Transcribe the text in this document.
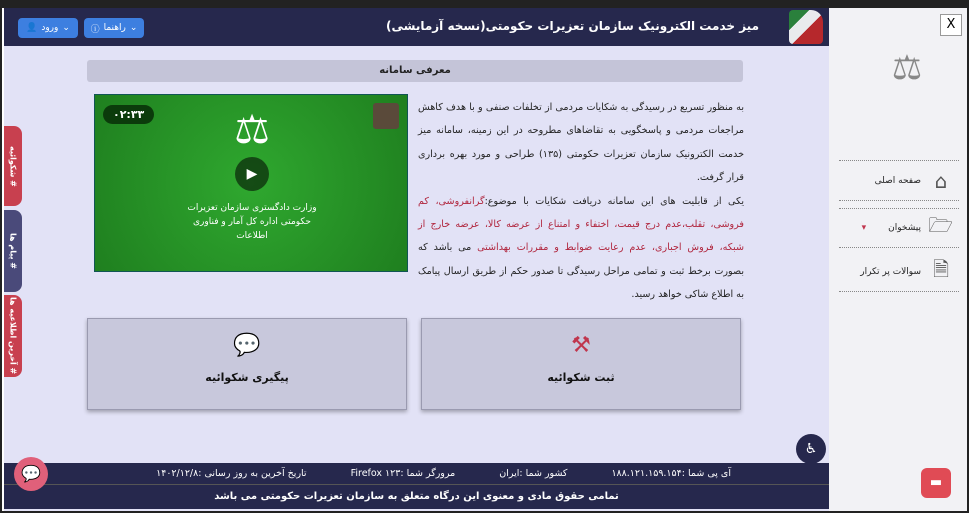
میز خدمت الکترونیک سازمان تعزیرات حکومتی(نسخه آزمایشی)
ⓘ راهنما ⌄
👤 ورود ⌄
معرفی سامانه
۰۲:۳۳ ⚖
▶
وزارت دادگستری سازمان تعزیرات حکومتی اداره کل آمار و فناوری اطلاعات

به منظور تسریع در رسیدگی به شکایات مردمی از تخلفات صنفی و با هدف کاهش مراجعات مردمی و پاسخگویی به تقاضاهای مطروحه در این زمینه، سامانه میز خدمت الکترونیک سازمان تعزیرات حکومتی (۱۳۵) طراحی و مورد بهره برداری قرار گرفت.

یکی از قابلیت های این سامانه دریافت شکایات با موضوع:گرانفروشی، کم فروشی، تقلب،عدم درج قیمت، اختفاء و امتناع از عرضه کالا، عرضه خارج از شبکه، فروش اجباری، عدم رعایت ضوابط و مقررات بهداشتی می باشد که بصورت برخط ثبت و تمامی مراحل رسیدگی تا صدور حکم از طریق ارسال پیامک به اطلاع شاکی خواهد رسید.

⚒
ثبت شکوائیه
💬
پیگیری شکوائیه
♿
آی پی شما :۱۸۸.۱۲۱.۱۵۹.۱۵۴
کشور شما :ایران
مرورگر شما :Firefox ۱۲۳
تاریخ آخرین به روز رسانی :۱۴۰۲/۱۲/۸
تمامی حقوق مادی و معنوی این درگاه متعلق به سازمان تعزیرات حکومتی می باشد
# شکوائیه
# پیام ها
# آخرین اطلاعیه ها
💬
X
⚖
⌂
صفحه اصلی
🗁
پیشخوان
▾
🗎
سوالات پر تکرار
▬
